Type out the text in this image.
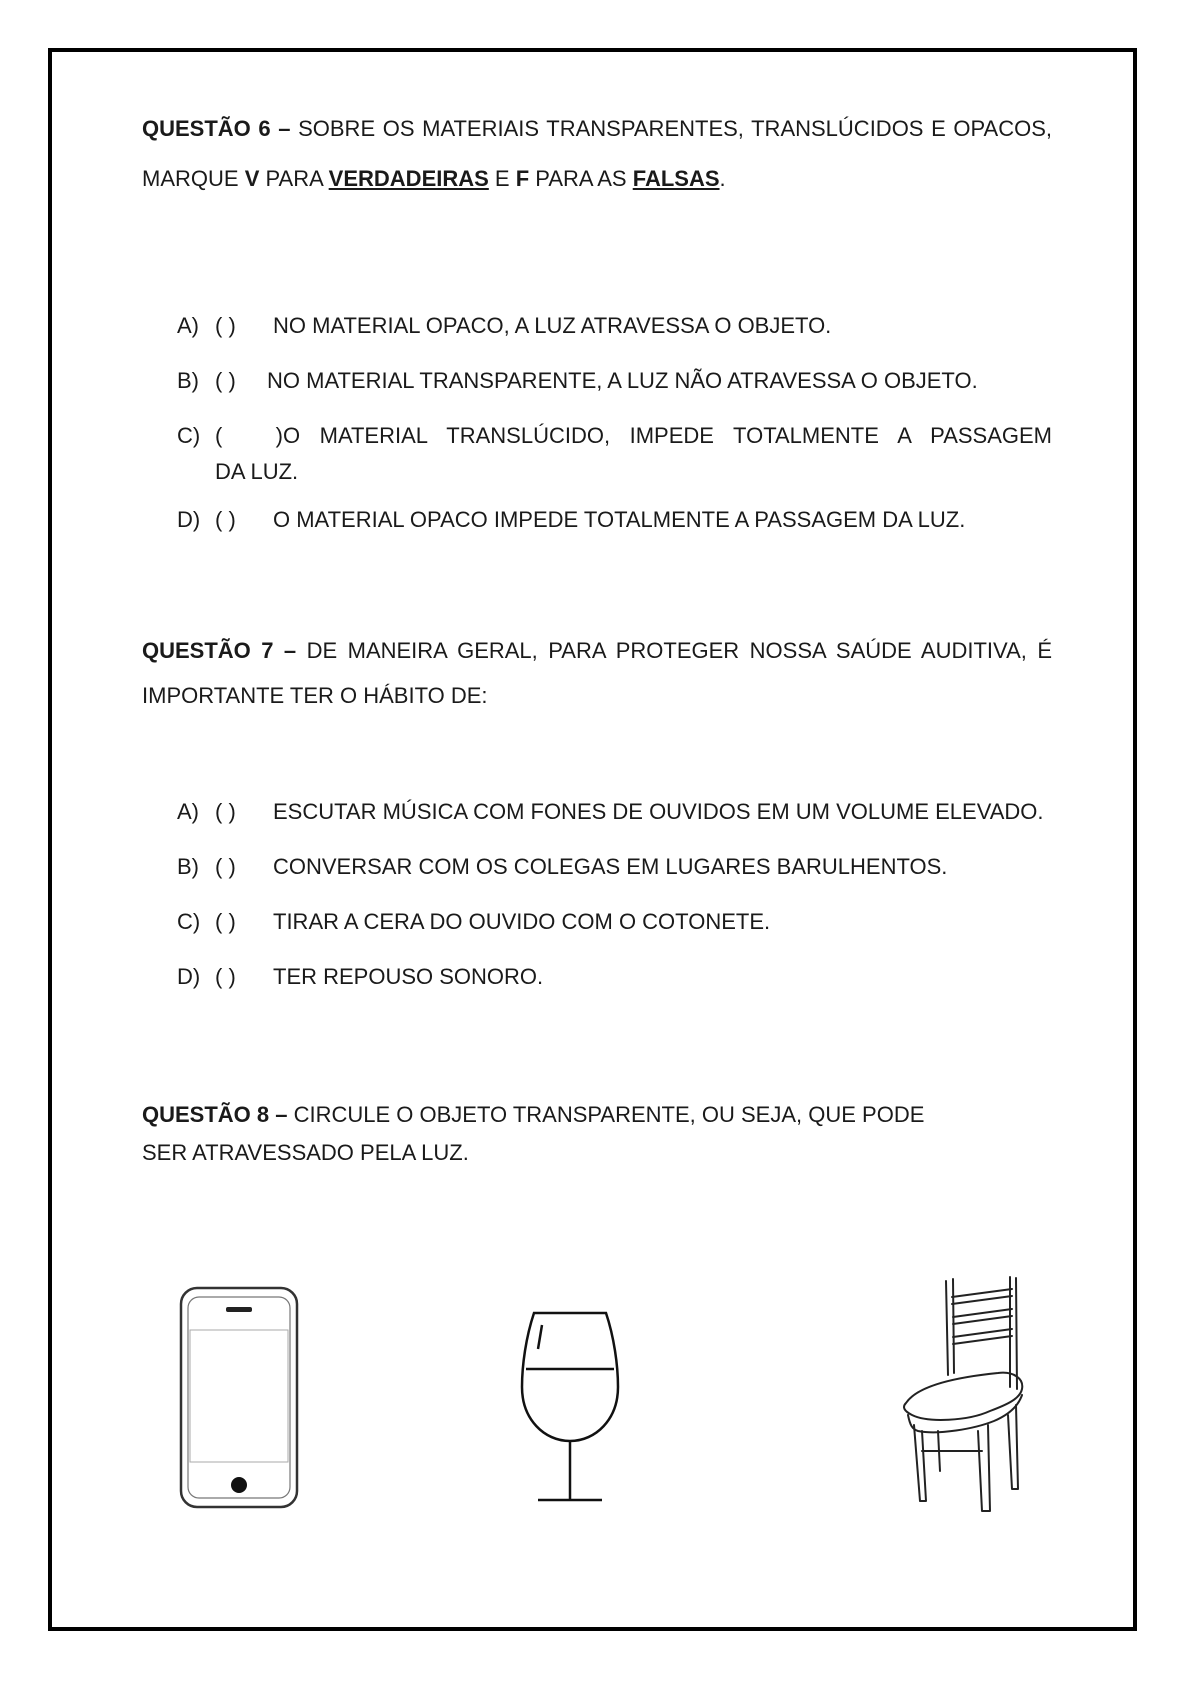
QUESTÃO 6 – SOBRE OS MATERIAIS TRANSPARENTES, TRANSLÚCIDOS E OPACOS, MARQUE V PARA VERDADEIRAS E F PARA AS FALSAS.

A) ( ) NO MATERIAL OPACO, A LUZ ATRAVESSA O OBJETO.

B) ( ) NO MATERIAL TRANSPARENTE, A LUZ NÃO ATRAVESSA O OBJETO.

C) ( ) O MATERIAL TRANSLÚCIDO, IMPEDE TOTALMENTE A PASSAGEM
DA LUZ.

D) ( ) O MATERIAL OPACO IMPEDE TOTALMENTE A PASSAGEM DA LUZ.

QUESTÃO 7 – DE MANEIRA GERAL, PARA PROTEGER NOSSA SAÚDE AUDITIVA, É IMPORTANTE TER O HÁBITO DE:

A) ( ) ESCUTAR MÚSICA COM FONES DE OUVIDOS EM UM VOLUME ELEVADO.

B) ( ) CONVERSAR COM OS COLEGAS EM LUGARES BARULHENTOS.

C) ( ) TIRAR A CERA DO OUVIDO COM O COTONETE.

D) ( ) TER REPOUSO SONORO.

QUESTÃO 8 – CIRCULE O OBJETO TRANSPARENTE, OU SEJA, QUE PODE
SER ATRAVESSADO PELA LUZ.
